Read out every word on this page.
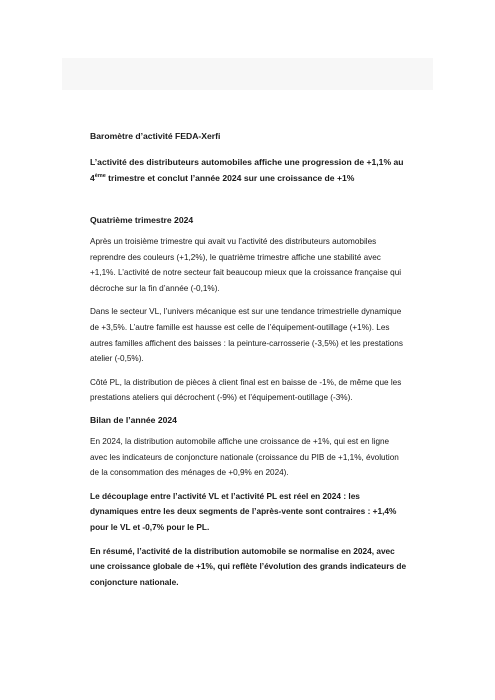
Baromètre d’activité FEDA-Xerfi
L’activité des distributeurs automobiles affiche une progression de +1,1% au 4ème trimestre et conclut l’année 2024 sur une croissance de +1%
Quatrième trimestre 2024

Après un troisième trimestre qui avait vu l’activité des distributeurs automobiles reprendre des couleurs (+1,2%), le quatrième trimestre affiche une stabilité avec +1,1%. L’activité de notre secteur fait beaucoup mieux que la croissance française qui décroche sur la fin d’année (-0,1%).

Dans le secteur VL, l’univers mécanique est sur une tendance trimestrielle dynamique de +3,5%. L’autre famille est hausse est celle de l’équipement-outillage (+1%). Les autres familles affichent des baisses : la peinture-carrosserie (-3,5%) et les prestations atelier (-0,5%).

Côté PL, la distribution de pièces à client final est en baisse de -1%, de même que les prestations ateliers qui décrochent (-9%) et l’équipement-outillage (-3%).

Bilan de l’année 2024

En 2024, la distribution automobile affiche une croissance de +1%, qui est en ligne avec les indicateurs de conjoncture nationale (croissance du PIB de +1,1%, évolution de la consommation des ménages de +0,9% en 2024).

Le découplage entre l’activité VL et l’activité PL est réel en 2024 : les dynamiques entre les deux segments de l’après-vente sont contraires : +1,4% pour le VL et -0,7% pour le PL.

En résumé, l’activité de la distribution automobile se normalise en 2024, avec une croissance globale de +1%, qui reflète l’évolution des grands indicateurs de conjoncture nationale.
